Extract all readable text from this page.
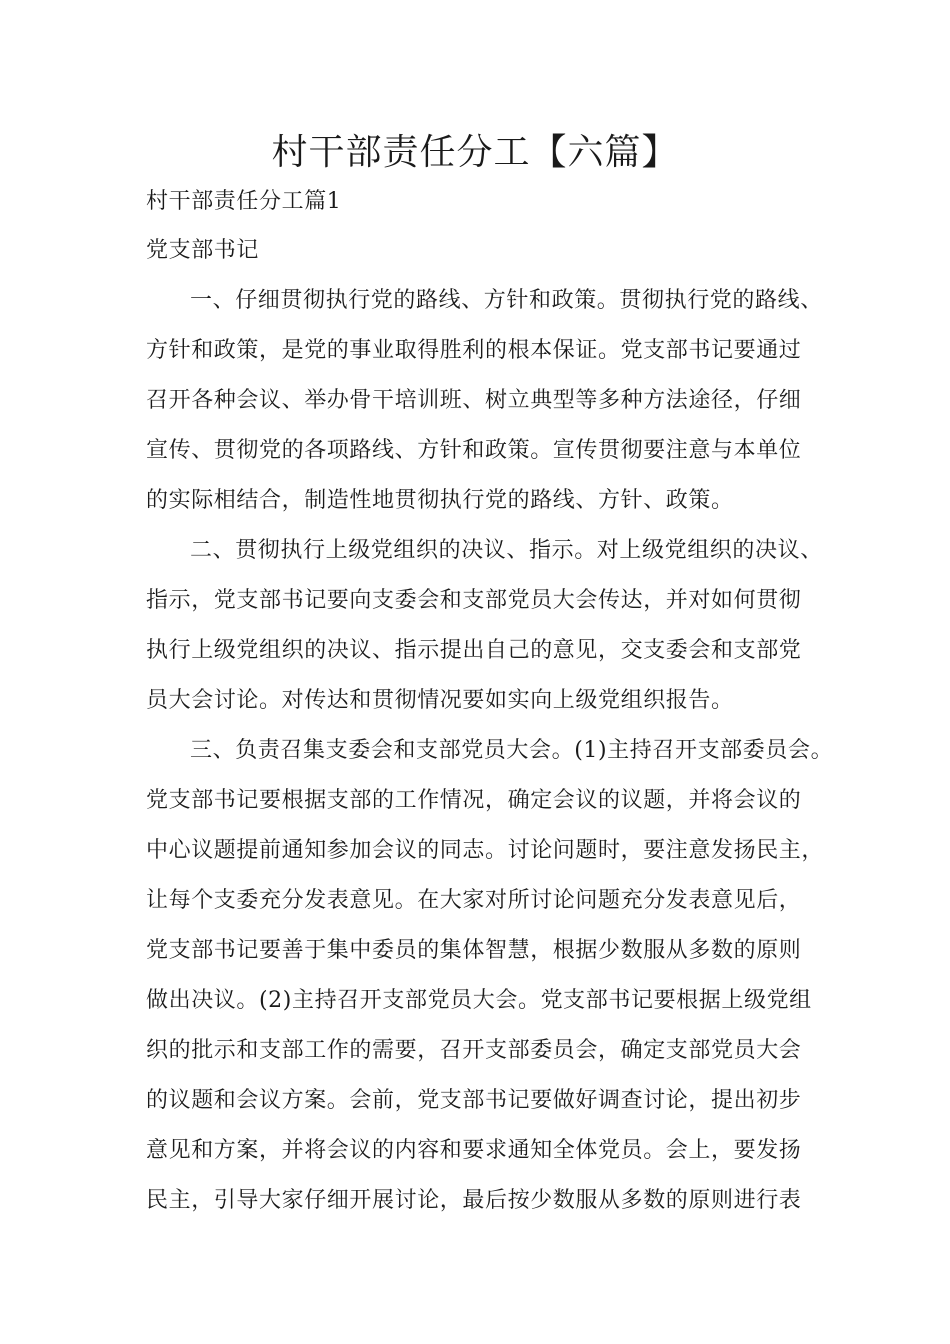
村干部责任分工【六篇】
村干部责任分工篇1
党支部书记
一、仔细贯彻执行党的路线、方针和政策。贯彻执行党的路线、
方针和政策，是党的事业取得胜利的根本保证。党支部书记要通过
召开各种会议、举办骨干培训班、树立典型等多种方法途径，仔细
宣传、贯彻党的各项路线、方针和政策。宣传贯彻要注意与本单位
的实际相结合，制造性地贯彻执行党的路线、方针、政策。
二、贯彻执行上级党组织的决议、指示。对上级党组织的决议、
指示，党支部书记要向支委会和支部党员大会传达，并对如何贯彻
执行上级党组织的决议、指示提出自己的意见，交支委会和支部党
员大会讨论。对传达和贯彻情况要如实向上级党组织报告。
三、负责召集支委会和支部党员大会。(1)主持召开支部委员会。
党支部书记要根据支部的工作情况，确定会议的议题，并将会议的
中心议题提前通知参加会议的同志。讨论问题时，要注意发扬民主，
让每个支委充分发表意见。在大家对所讨论问题充分发表意见后，
党支部书记要善于集中委员的集体智慧，根据少数服从多数的原则
做出决议。(2)主持召开支部党员大会。党支部书记要根据上级党组
织的批示和支部工作的需要，召开支部委员会，确定支部党员大会
的议题和会议方案。会前，党支部书记要做好调查讨论，提出初步
意见和方案，并将会议的内容和要求通知全体党员。会上，要发扬
民主，引导大家仔细开展讨论，最后按少数服从多数的原则进行表
